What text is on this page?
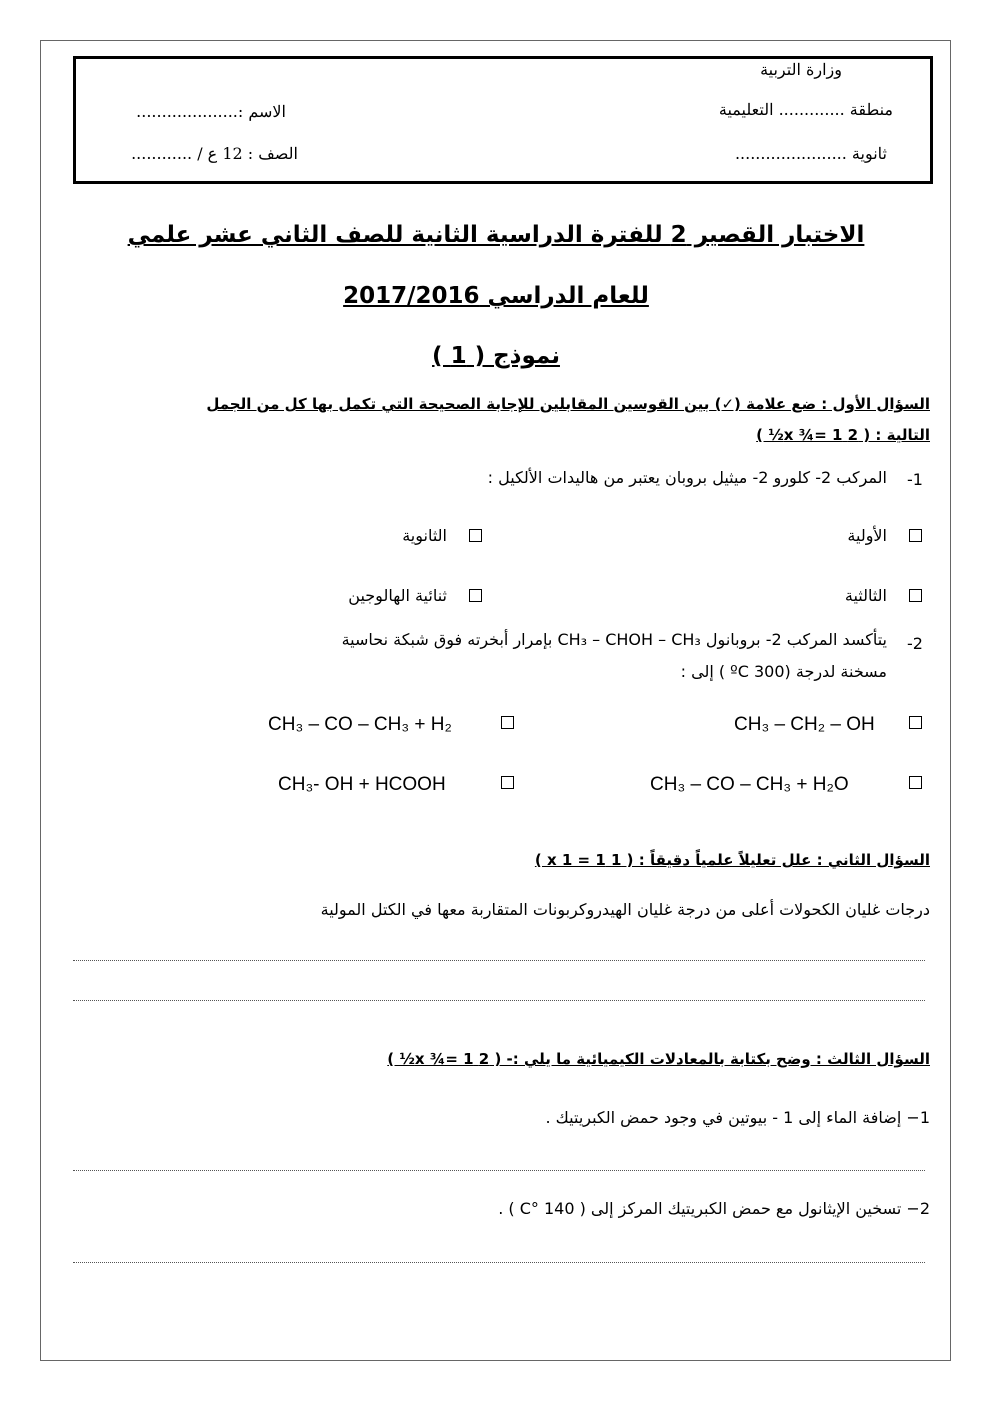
وزارة التربية
منطقة ............. التعليمية
ثانوية ......................
الاسم :....................
الصف : 12 ع / ............
الاختبار القصير 2 للفترة الدراسية الثانية للصف الثاني عشر علمي
للعام الدراسي 2017/2016
نموذج ( 1 )
السؤال الأول : ضع علامة (✓) بين القوسين المقابلين للإجابة الصحيحة التي تكمل بها كل من الجمل
التالية : ( 2 x ¾= 1½ )
-1
المركب 2- كلورو 2- ميثيل بروبان يعتبر من هاليدات الألكيل :
الأولية
الثانوية
الثالثية
ثنائية الهالوجين
-2
يتأكسد المركب 2- بروبانول CH₃ – CHOH – CH₃ بإمرار أبخرته فوق شبكة نحاسية
مسخنة لدرجة (300 ºC ) إلى :
CH₃ – CH₂ – OH
CH₃ – CO – CH₃ + H₂
CH₃ – CO – CH₃ + H₂O
CH₃- OH + HCOOH
السؤال الثاني : علل تعليلاً علمياً دقيقاً : ( 1 x 1 = 1 )
درجات غليان الكحولات أعلى من درجة غليان الهيدروكربونات المتقاربة معها في الكتل المولية
السؤال الثالث : وضح بكتابة بالمعادلات الكيميائية ما يلي :- ( 2 x ¾= 1½ )
1− إضافة الماء إلى 1 - بيوتين في وجود حمض الكبريتيك .
2− تسخين الإيثانول مع حمض الكبريتيك المركز إلى ( 140 °C ) .
